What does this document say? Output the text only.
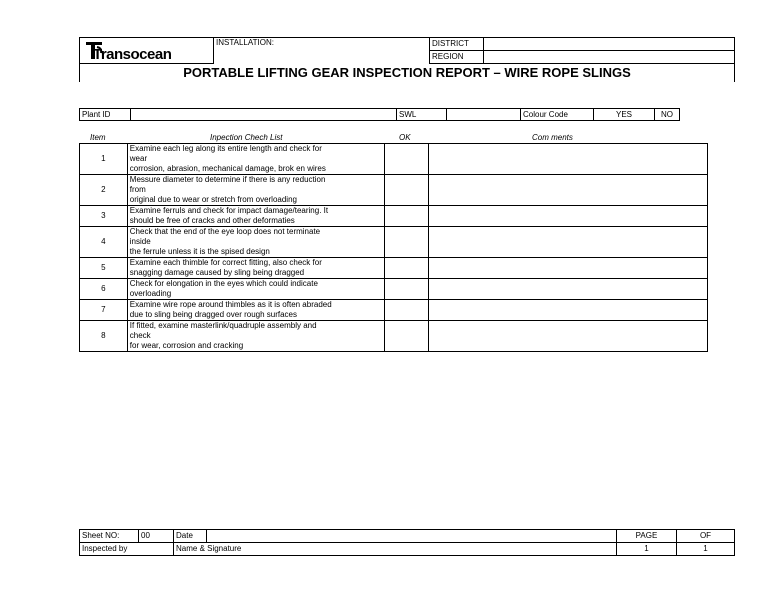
Transocean	INSTALLATION:	DISTRICT	
		REGION	
PORTABLE LIFTING GEAR INSPECTION REPORT – WIRE ROPE SLINGS			
Plant ID		SWL		Colour Code	YES	NO
Item	Inpection Chech List	OK	Com ments
1	Examine each leg along its entire length and check for
wear
corrosion, abrasion, mechanical damage, brok en wires		

2	Messure diameter to determine if there is any reduction
from
original due to wear or stretch from overloading		

3	Examine ferruls and check for impact damage/tearing. It
should be free of cracks and other deformaties		

4	Check that the end of the eye loop does not terminate
inside
the ferrule unless it is the spised design		

5	Examine each thimble for correct fitting, also check for
snagging damage caused by sling being dragged		

6	Check for elongation in the eyes which could indicate
overloading		

7	Examine wire rope around thimbles as it is often abraded
due to sling being dragged over rough surfaces		

8	If fitted, examine masterlink/quadruple assembly and
check
for wear, corrosion and cracking		

Sheet NO:	00	Date		PAGE	OF
Inspected by		Name & Signature		1	1
